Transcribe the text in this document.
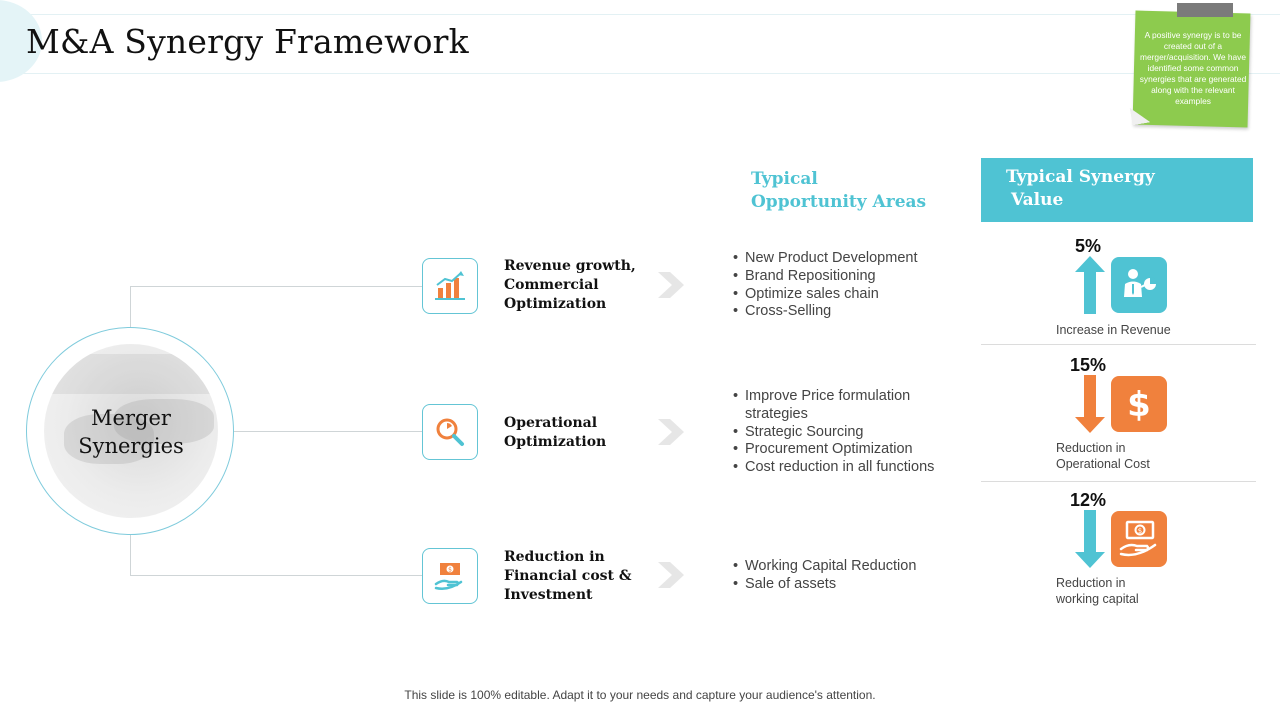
M&A Synergy Framework	A positive synergy is to be created out of a merger/acquisition. We have identified some common synergies that are generated along with the relevant examples
Merger
Synergies
Revenue growth,
Commercial
Optimization
• New Product Development
• Brand Repositioning
• Optimize sales chain
• Cross-Selling
Operational
Optimization
• Improve Price formulation
strategies
• Strategic Sourcing
• Procurement Optimization
• Cost reduction in all functions
$
Reduction in
Financial cost &
Investment
• Working Capital Reduction
• Sale of assets
Typical
Opportunity Areas
Typical Synergy
Value
5%
Increase in Revenue
15%
$
Reduction in
Operational Cost
12%
$
Reduction in
working capital
This slide is 100% editable. Adapt it to your needs and capture your audience's attention.
